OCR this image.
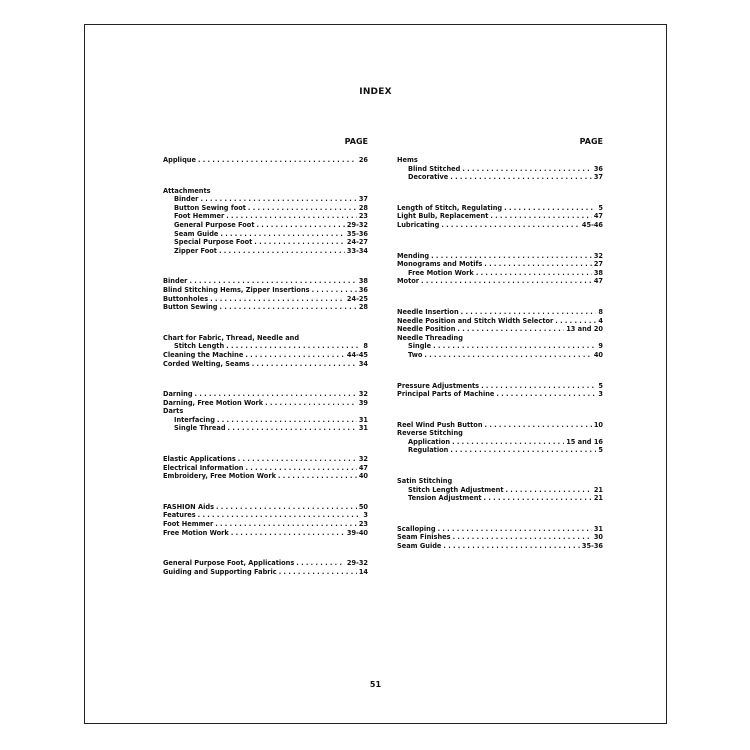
INDEX
PAGE
Applique . . .	26
Attachments
Binder . . .	37
Button Sewing foot . . .	28
Foot Hemmer . . .	23
General Purpose Foot . . .	29-32
Seam Guide . . .	35-36
Special Purpose Foot . . .	24-27
Zipper Foot . . .	33-34
Binder . . .	38
Blind Stitching Hems, Zipper Insertions . . .	36
Buttonholes . . .	24-25
Button Sewing . . .	28
Chart for Fabric, Thread, Needle and
Stitch Length . . .	8
Cleaning the Machine . . .	44-45
Corded Welting, Seams . . .	34
Darning . . .	32
Darning, Free Motion Work . . .	39
Darts
Interfacing . . .	31
Single Thread . . .	31
Elastic Applications . . .	32
Electrical Information . . .	47
Embroidery, Free Motion Work . . .	40
FASHION Aids . . .	50
Features . . .	3
Foot Hemmer . . .	23
Free Motion Work . . .	39-40
General Purpose Foot, Applications . . .	29-32
Guiding and Supporting Fabric . . .	14
PAGE
Hems
Blind Stitched . . .	36
Decorative . . .	37
Length of Stitch, Regulating . . .	5
Light Bulb, Replacement . . .	47
Lubricating . . .	45-46
Mending . . .	32
Monograms and Motifs . . .	27
Free Motion Work . . .	38
Motor . . .	47
Needle Insertion . . .	8
Needle Position and Stitch Width Selector . . .	4
Needle Position . . .	13 and 20
Needle Threading
Single . . .	9
Two . . .	40
Pressure Adjustments . . .	5
Principal Parts of Machine . . .	3
Reel Wind Push Button . . .	10
Reverse Stitching
Application . . .	15 and 16
Regulation . . .	5
Satin Stitching
Stitch Length Adjustment . . .	21
Tension Adjustment . . .	21
Scalloping . . .	31
Seam Finishes . . .	30
Seam Guide . . .	35-36
51
